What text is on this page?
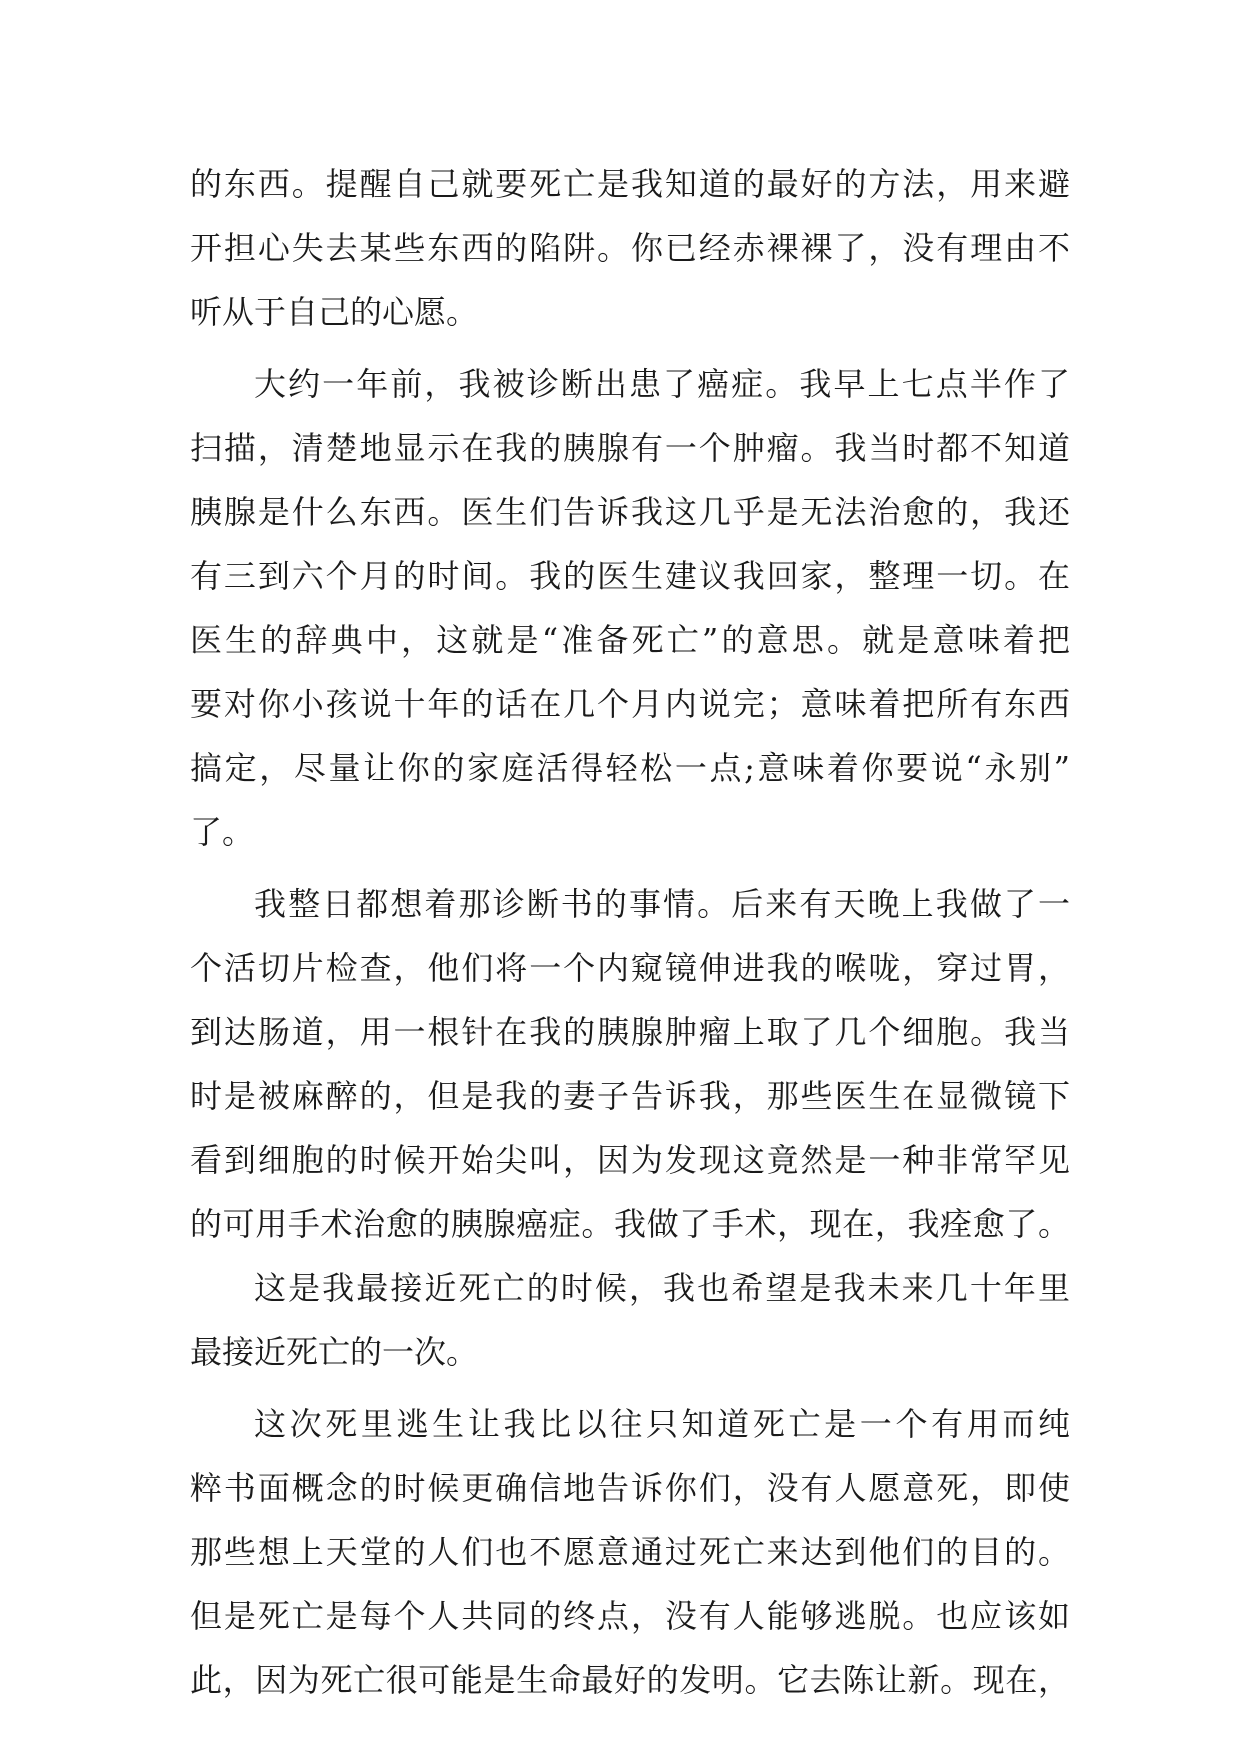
的东西。提醒自己就要死亡是我知道的最好的方法，用来避
开担心失去某些东西的陷阱。你已经赤裸裸了，没有理由不
听从于自己的心愿。
大约一年前，我被诊断出患了癌症。我早上七点半作了
扫描，清楚地显示在我的胰腺有一个肿瘤。我当时都不知道
胰腺是什么东西。医生们告诉我这几乎是无法治愈的，我还
有三到六个月的时间。我的医生建议我回家，整理一切。在
医生的辞典中，这就是“准备死亡”的意思。就是意味着把
要对你小孩说十年的话在几个月内说完；意味着把所有东西
搞定，尽量让你的家庭活得轻松一点;意味着你要说“永别”
了。
我整日都想着那诊断书的事情。后来有天晚上我做了一
个活切片检查，他们将一个内窥镜伸进我的喉咙，穿过胃，
到达肠道，用一根针在我的胰腺肿瘤上取了几个细胞。我当
时是被麻醉的，但是我的妻子告诉我，那些医生在显微镜下
看到细胞的时候开始尖叫，因为发现这竟然是一种非常罕见
的可用手术治愈的胰腺癌症。我做了手术，现在，我痊愈了。
这是我最接近死亡的时候，我也希望是我未来几十年里
最接近死亡的一次。
这次死里逃生让我比以往只知道死亡是一个有用而纯
粹书面概念的时候更确信地告诉你们，没有人愿意死，即使
那些想上天堂的人们也不愿意通过死亡来达到他们的目的。
但是死亡是每个人共同的终点，没有人能够逃脱。也应该如
此，因为死亡很可能是生命最好的发明。它去陈让新。现在，
